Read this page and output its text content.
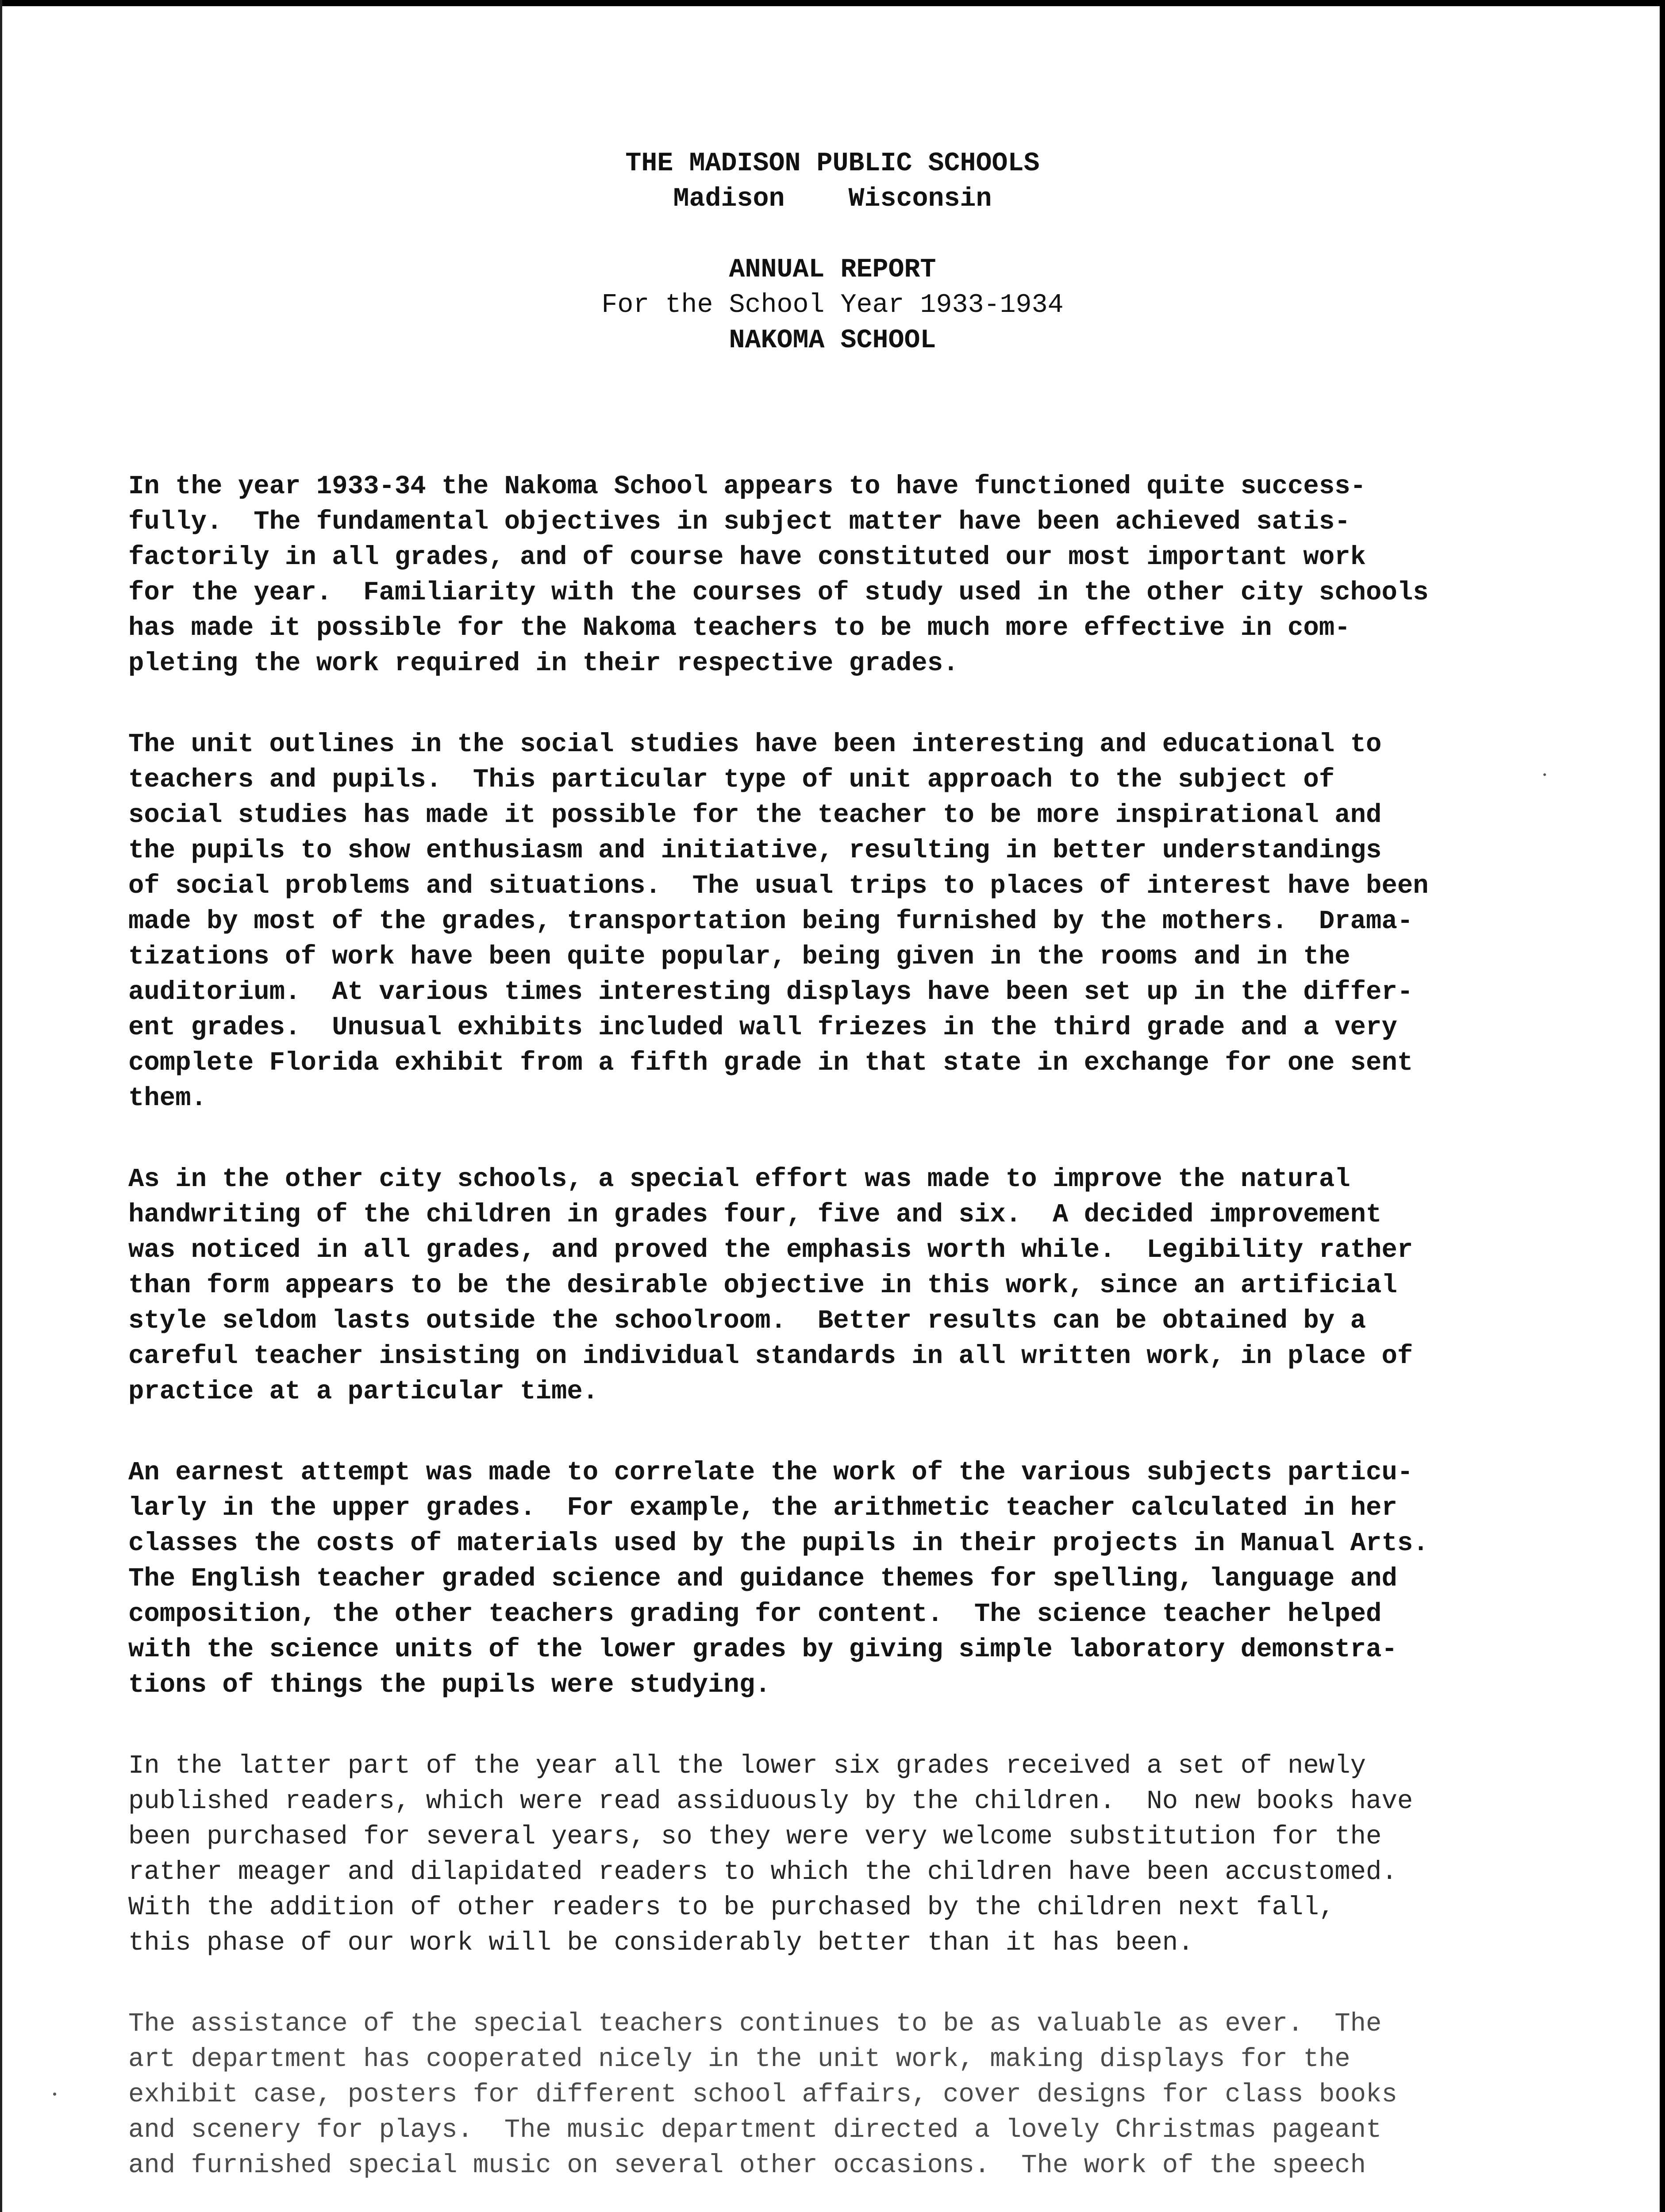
THE MADISON PUBLIC SCHOOLS
Madison    Wisconsin
ANNUAL REPORT
For the School Year 1933-1934
NAKOMA SCHOOL

In the year 1933-34 the Nakoma School appears to have functioned quite success-
fully.  The fundamental objectives in subject matter have been achieved satis-
factorily in all grades, and of course have constituted our most important work
for the year.  Familiarity with the courses of study used in the other city schools
has made it possible for the Nakoma teachers to be much more effective in com-
pleting the work required in their respective grades.

The unit outlines in the social studies have been interesting and educational to
teachers and pupils.  This particular type of unit approach to the subject of
social studies has made it possible for the teacher to be more inspirational and
the pupils to show enthusiasm and initiative, resulting in better understandings
of social problems and situations.  The usual trips to places of interest have been
made by most of the grades, transportation being furnished by the mothers.  Drama-
tizations of work have been quite popular, being given in the rooms and in the
auditorium.  At various times interesting displays have been set up in the differ-
ent grades.  Unusual exhibits included wall friezes in the third grade and a very
complete Florida exhibit from a fifth grade in that state in exchange for one sent
them.

As in the other city schools, a special effort was made to improve the natural
handwriting of the children in grades four, five and six.  A decided improvement
was noticed in all grades, and proved the emphasis worth while.  Legibility rather
than form appears to be the desirable objective in this work, since an artificial
style seldom lasts outside the schoolroom.  Better results can be obtained by a
careful teacher insisting on individual standards in all written work, in place of
practice at a particular time.

An earnest attempt was made to correlate the work of the various subjects particu-
larly in the upper grades.  For example, the arithmetic teacher calculated in her
classes the costs of materials used by the pupils in their projects in Manual Arts.
The English teacher graded science and guidance themes for spelling, language and
composition, the other teachers grading for content.  The science teacher helped
with the science units of the lower grades by giving simple laboratory demonstra-
tions of things the pupils were studying.

In the latter part of the year all the lower six grades received a set of newly
published readers, which were read assiduously by the children.  No new books have
been purchased for several years, so they were very welcome substitution for the
rather meager and dilapidated readers to which the children have been accustomed.
With the addition of other readers to be purchased by the children next fall,
this phase of our work will be considerably better than it has been.

The assistance of the special teachers continues to be as valuable as ever.  The
art department has cooperated nicely in the unit work, making displays for the
exhibit case, posters for different school affairs, cover designs for class books
and scenery for plays.  The music department directed a lovely Christmas pageant
and furnished special music on several other occasions.  The work of the speech
